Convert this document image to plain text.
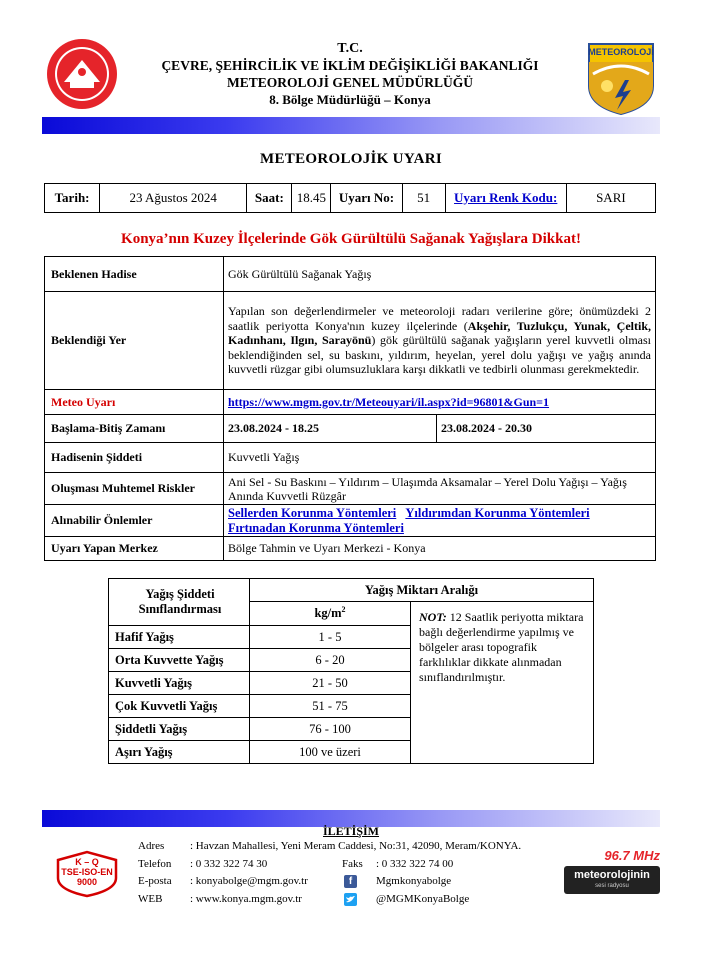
T.C.
ÇEVRE, ŞEHİRCİLİK VE İKLİM DEĞİŞİKLİĞİ BAKANLIĞI
METEOROLOJİ GENEL MÜDÜRLÜĞÜ
8. Bölge Müdürlüğü – Konya
METEOROLOJİ
METEOROLOJİK UYARI
Tarih:	23 Ağustos 2024	Saat:	18.45	Uyarı No:	51	Uyarı Renk Kodu:	SARI
Konya’nın Kuzey İlçelerinde Gök Gürültülü Sağanak Yağışlara Dikkat!
Beklenen Hadise	Gök Gürültülü Sağanak Yağış	
Beklendiği Yer	Yapılan son değerlendirmeler ve meteoroloji radarı verilerine göre; önümüzdeki 2 saatlik periyotta Konya'nın kuzey ilçelerinde (Akşehir, Tuzlukçu, Yunak, Çeltik, Kadınhanı, Ilgın, Sarayönü) gök gürültülü sağanak yağışların yerel kuvvetli olması beklendiğinden sel, su baskını, yıldırım, heyelan, yerel dolu yağışı ve yağış anında kuvvetli rüzgar gibi olumsuzluklara karşı dikkatli ve tedbirli olunması gerekmektedir.	
Meteo Uyarı	https://www.mgm.gov.tr/Meteouyari/il.aspx?id=96801&Gun=1	
Başlama-Bitiş Zamanı	23.08.2024 - 18.25	23.08.2024 - 20.30
Hadisenin Şiddeti	Kuvvetli Yağış	
Oluşması Muhtemel Riskler	Ani Sel - Su Baskını – Yıldırım – Ulaşımda Aksamalar – Yerel Dolu Yağışı – Yağış Anında Kuvvetli Rüzgâr	
Alınabilir Önlemler	Sellerden Korunma Yöntemleri Yıldırımdan Korunma Yöntemleri
Fırtınadan Korunma Yöntemleri	
Uyarı Yapan Merkez	Bölge Tahmin ve Uyarı Merkezi - Konya	
Yağış Şiddeti Sınıflandırması	Yağış Miktarı Aralığı	
	$kg/m^2$	NOT: 12 Saatlik periyotta miktara bağlı değerlendirme yapılmış ve bölgeler arası topografik farklılıklar dikkate alınmadan sınıflandırılmıştır.
Hafif Yağış	1 - 5	
Orta Kuvvette Yağış	6 - 20	
Kuvvetli Yağış	21 - 50	
Çok Kuvvetli Yağış	51 - 75	
Şiddetli Yağış	76 - 100	
Aşırı Yağış	100 ve üzeri	
İLETİŞİM
K – Q
TSE-ISO-EN
9000
Adres : Havzan Mahallesi, Yeni Meram Caddesi, No:31, 42090, Meram/KONYA.
Telefon : 0 332 322 74 30	Faks : 0 332 322 74 00
E-posta : konyabolge@mgm.gov.tr	f	Mgmkonyabolge
WEB	: www.konya.mgm.gov.tr	@MGMKonyaBolge
96.7 MHz
meteorolojinin
sesi radyosu
